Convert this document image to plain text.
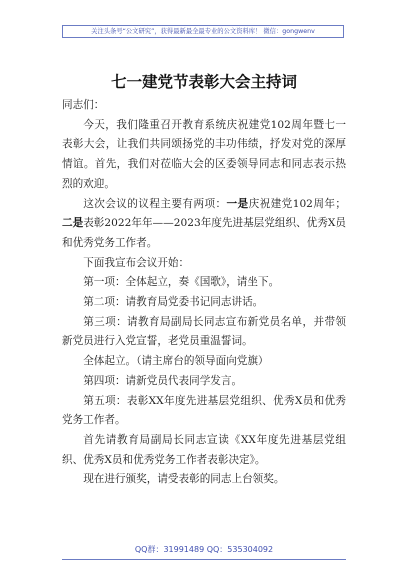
关注头条号“公文研究”，获得最新最全最专业的公文资料库！ 微信：gongwenv
七一建党节表彰大会主持词

同志们：

今天，我们隆重召开教育系统庆祝建党102周年暨七一表彰大会，让我们共同颂扬党的丰功伟绩，抒发对党的深厚情谊。首先，我们对莅临大会的区委领导同志和同志表示热烈的欢迎。

这次会议的议程主要有两项：一是庆祝建党102周年；二是表彰2022年年——2023年度先进基层党组织、优秀X员和优秀党务工作者。

下面我宣布会议开始：

第一项：全体起立，奏《国歌》，请坐下。

第二项：请教育局党委书记同志讲话。

第三项：请教育局副局长同志宣布新党员名单，并带领新党员进行入党宣誓，老党员重温誓词。

全体起立。（请主席台的领导面向党旗）

第四项：请新党员代表同学发言。

第五项：表彰XX年度先进基层党组织、优秀X员和优秀党务工作者。

首先请教育局副局长同志宣读《XX年度先进基层党组织、优秀X员和优秀党务工作者表彰决定》。

现在进行颁奖，请受表彰的同志上台领奖。

QQ群：31991489 QQ：535304092
